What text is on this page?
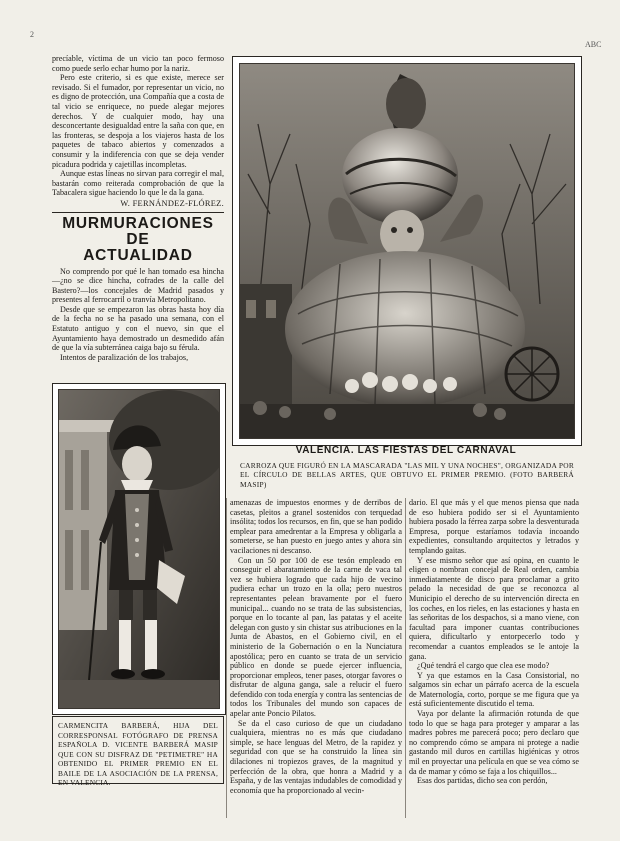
2
ABC

precíable, víctima de un vicio tan poco fermoso como puede serlo echar humo por la nariz.

Pero este criterio, si es que existe, merece ser revisado. Si el fumador, por representar un vicio, no es digno de protección, una Compañía que a costa de tal vicio se enriquece, no puede alegar mejores derechos. Y de cualquier modo, hay una desconcertante desigualdad entre la saña con que, en las fronteras, se despoja a los viajeros hasta de los paquetes de tabaco abiertos y comenzados a consumir y la indiferencia con que se deja vender picadura podrida y cajetillas incompletas.

Aunque estas líneas no sirvan para corregir el mal, bastarán como reiterada comprobación de que la Tabacalera sigue haciendo lo que le da la gana.

W. FERNÁNDEZ-FLÓREZ.
MURMURACIONES DE
ACTUALIDAD

No comprendo por qué le han tomado esa hincha—¿no se dice hincha, cofrades de la calle del Bastero?—los concejales de Madrid pasados y presentes al ferrocarril o tranvía Metropolitano.

Desde que se empezaron las obras hasta hoy día de la fecha no se ha pasado una semana, con el Estatuto antiguo y con el nuevo, sin que el Ayuntamiento haya demostrado un desmedido afán de que la vía subterránea caiga bajo su férula.

Intentos de paralización de los trabajos,

VALENCIA. LAS FIESTAS DEL CARNAVAL
CARROZA QUE FIGURÓ EN LA MASCARADA "LAS MIL Y UNA NOCHES", ORGANIZADA POR EL CÍRCULO DE BELLAS ARTES, QUE OBTUVO EL PRIMER PREMIO. (FOTO BARBERÁ MASIP)
CARMENCITA BARBERÁ, HIJA DEL CORRESPONSAL FOTÓGRAFO DE PRENSA ESPAÑOLA D. VICENTE BARBERÁ MASIP QUE CON SU DISFRAZ DE "PETIMETRE" HA OBTENIDO EL PRIMER PREMIO EN EL BAILE DE LA ASOCIACIÓN DE LA PRENSA, EN VALENCIA.

amenazas de impuestos enormes y de derribos de casetas, pleitos a granel sostenidos con terquedad insólita; todos los recursos, en fin, que se han podido emplear para amedrentar a la Empresa y obligarla a someterse, se han puesto en juego antes y ahora sin vacilaciones ni descanso.

Con un 50 por 100 de ese tesón empleado en conseguir el abaratamiento de la carne de vaca tal vez se hubiera logrado que cada hijo de vecino pudiera echar un trozo en la olla; pero nuestros representantes pelean bravamente por el fuero municipal... cuando no se trata de las subsistencias, porque en lo tocante al pan, las patatas y el aceite delegan con gusto y sin chistar sus atribuciones en la Junta de Abastos, en el Gobierno civil, en el ministerio de la Gobernación o en la Nunciatura apostólica; pero en cuanto se trata de un servicio público en donde se puede ejercer influencia, proporcionar empleos, tener pases, otorgar favores o disfrutar de alguna ganga, sale a relucir el fuero defendido con toda energía y contra las sentencias de todos los Tribunales del mundo son capaces de apelar ante Poncio Pilatos.

Se da el caso curioso de que un ciudadano cualquiera, mientras no es más que ciudadano simple, se hace lenguas del Metro, de la rapidez y seguridad con que se ha construido la línea sin dilaciones ni tropiezos graves, de la magnitud y perfección de la obra, que honra a Madrid y a España, y de las ventajas indudables de comodidad y economía que ha proporcionado al vecin-

dario. El que más y el que menos piensa que nada de eso hubiera podido ser si el Ayuntamiento hubiera posado la férrea zarpa sobre la desventurada Empresa, porque estaríamos todavía incoando expedientes, consultando arquitectos y letrados y templando gaitas.

Y ese mismo señor que así opina, en cuanto le eligen o nombran concejal de Real orden, cambia inmediatamente de disco para proclamar a grito pelado la necesidad de que se reconozca al Municipio el derecho de su intervención directa en los coches, en los rieles, en las estaciones y hasta en las señoritas de los despachos, si a mano viene, con facultad para imponer cuantas contribuciones quiera, dificultarlo y entorpecerlo todo y recomendar a cuantos empleados se le antoje la gana.

¿Qué tendrá el cargo que clea ese modo?

Y ya que estamos en la Casa Consistorial, no salgamos sin echar un párrafo acerca de la escuela de Maternología, corto, porque se me figura que ya está suficientemente discutido el tema.

Vaya por delante la afirmación rotunda de que todo lo que se haga para proteger y amparar a las madres pobres me parecerá poco; pero declaro que no comprendo cómo se ampara ni protege a nadie gastando mil duros en cartillas higiénicas y otros mil en proyectar una película en que se vea cómo se da de mamar y cómo se faja a los chiquillos...

Esas dos partidas, dicho sea con perdón,
